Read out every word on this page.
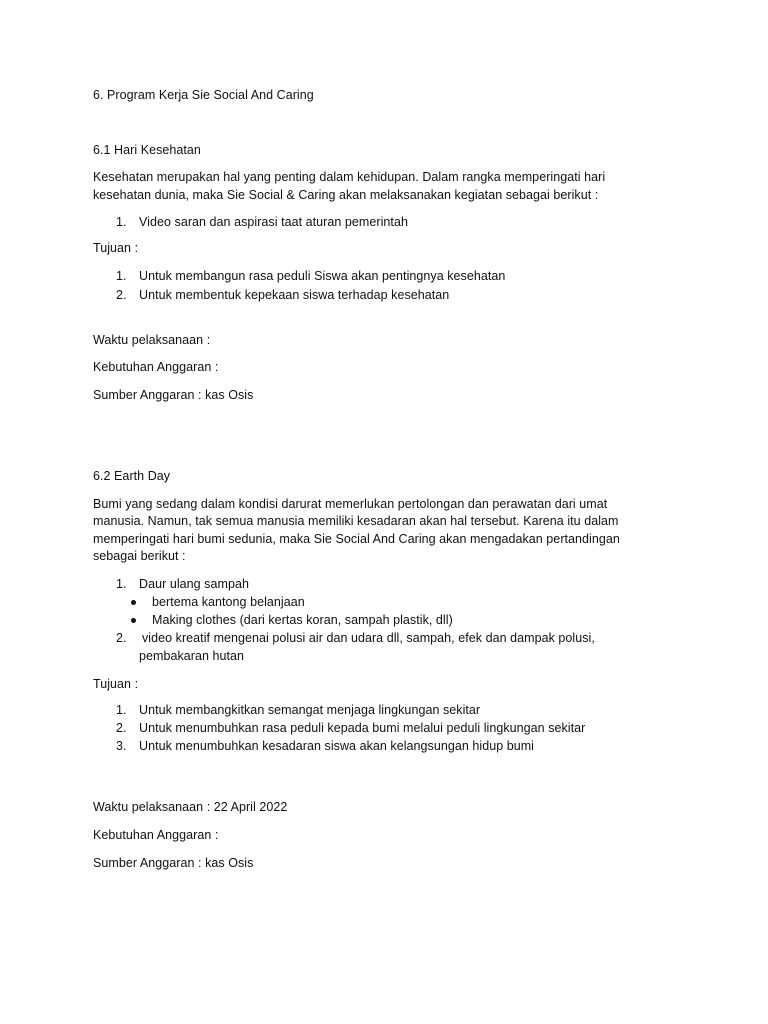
6. Program Kerja Sie Social And Caring
6.1 Hari Kesehatan
Kesehatan merupakan hal yang penting dalam kehidupan. Dalam rangka memperingati hari
kesehatan dunia, maka Sie Social & Caring akan melaksanakan kegiatan sebagai berikut :
1. Video saran dan aspirasi taat aturan pemerintah
Tujuan :
1. Untuk membangun rasa peduli Siswa akan pentingnya kesehatan
2. Untuk membentuk kepekaan siswa terhadap kesehatan
Waktu pelaksanaan :
Kebutuhan Anggaran :
Sumber Anggaran : kas Osis
6.2 Earth Day
Bumi yang sedang dalam kondisi darurat memerlukan pertolongan dan perawatan dari umat
manusia. Namun, tak semua manusia memiliki kesadaran akan hal tersebut. Karena itu dalam
memperingati hari bumi sedunia, maka Sie Social And Caring akan mengadakan pertandingan
sebagai berikut :
1. Daur ulang sampah
bertema kantong belanjaan
Making clothes (dari kertas koran, sampah plastik, dll)
2. video kreatif mengenai polusi air dan udara dll, sampah, efek dan dampak polusi,
pembakaran hutan
Tujuan :
1. Untuk membangkitkan semangat menjaga lingkungan sekitar
2. Untuk menumbuhkan rasa peduli kepada bumi melalui peduli lingkungan sekitar
3. Untuk menumbuhkan kesadaran siswa akan kelangsungan hidup bumi
Waktu pelaksanaan : 22 April 2022
Kebutuhan Anggaran :
Sumber Anggaran : kas Osis
